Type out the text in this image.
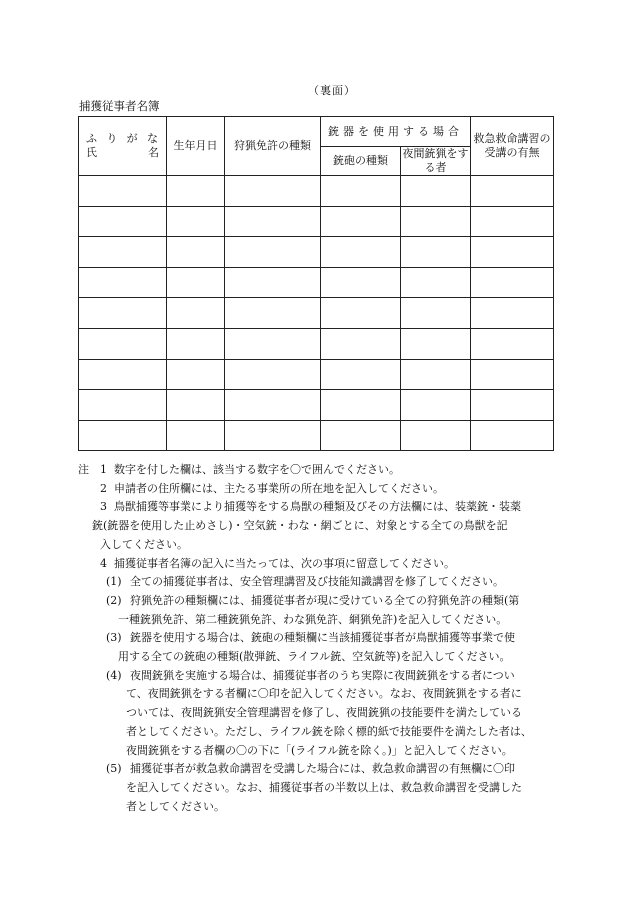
（裏面）
捕獲従事者名簿
ふりがな
氏名	生年月日	狩猟免許の種類	銃器を使用する場合		救急救命講習の受講の有無
			銃砲の種類	夜間銃猟をする者	

注	1 数字を付した欄は、該当する数字を〇で囲んでください。
2 申請者の住所欄には、主たる事業所の所在地を記入してください。
3 鳥獣捕獲等事業により捕獲等をする鳥獣の種類及びその方法欄には、装薬銃・装薬
銃(銃器を使用した止めさし)・空気銃・わな・網ごとに、対象とする全ての鳥獣を記
入してください。
4 捕獲従事者名簿の記入に当たっては、次の事項に留意してください。
(1) 全ての捕獲従事者は、安全管理講習及び技能知識講習を修了してください。
(2) 狩猟免許の種類欄には、捕獲従事者が現に受けている全ての狩猟免許の種類(第
一種銃猟免許、第二種銃猟免許、わな猟免許、網猟免許)を記入してください。
(3) 銃器を使用する場合は、銃砲の種類欄に当該捕獲従事者が鳥獣捕獲等事業で使
用する全ての銃砲の種類(散弾銃、ライフル銃、空気銃等)を記入してください。
(4) 夜間銃猟を実施する場合は、捕獲従事者のうち実際に夜間銃猟をする者につい
て、夜間銃猟をする者欄に〇印を記入してください。なお、夜間銃猟をする者に
ついては、夜間銃猟安全管理講習を修了し、夜間銃猟の技能要件を満たしている
者としてください。ただし、ライフル銃を除く標的紙で技能要件を満たした者は、
夜間銃猟をする者欄の〇の下に「(ライフル銃を除く。)」と記入してください。
(5) 捕獲従事者が救急救命講習を受講した場合には、救急救命講習の有無欄に〇印
を記入してください。なお、捕獲従事者の半数以上は、救急救命講習を受講した
者としてください。
